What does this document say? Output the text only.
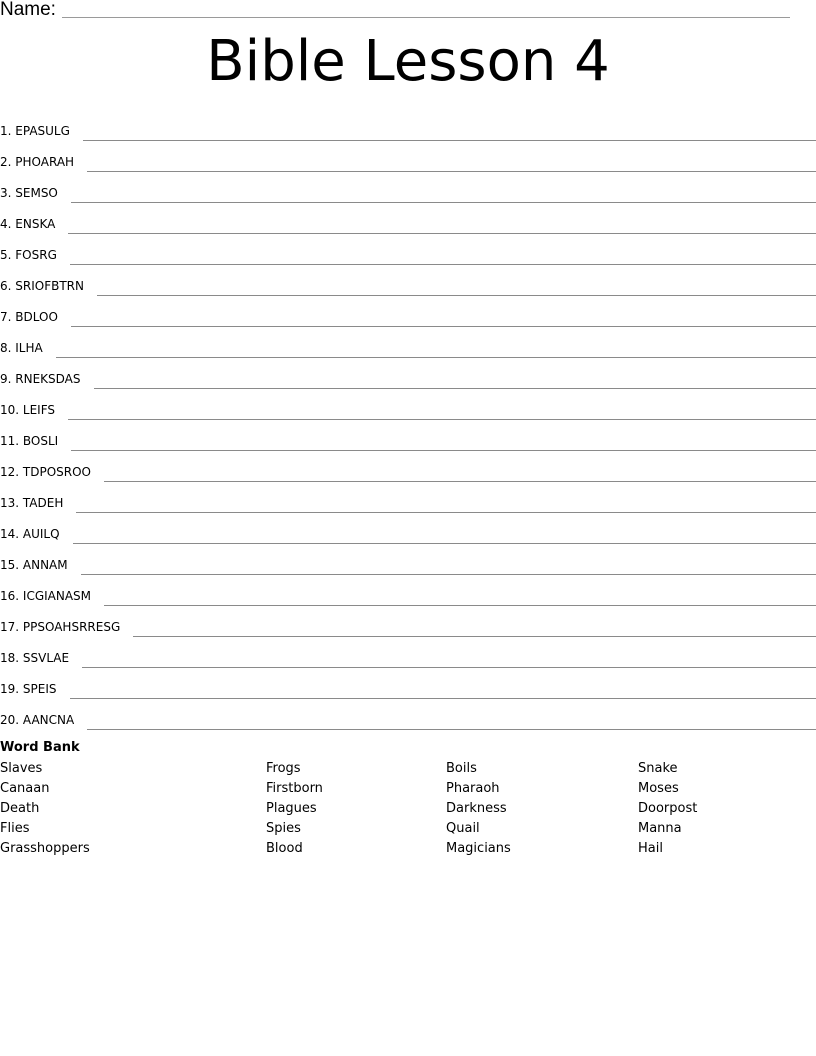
Name:
Bible Lesson 4
1. EPASULG
2. PHOARAH
3. SEMSO
4. ENSKA
5. FOSRG
6. SRIOFBTRN
7. BDLOO
8. ILHA
9. RNEKSDAS
10. LEIFS
11. BOSLI
12. TDPOSROO
13. TADEH
14. AUILQ
15. ANNAM
16. ICGIANASM
17. PPSOAHSRRESG
18. SSVLAE
19. SPEIS
20. AANCNA
Word Bank
Slaves
Canaan
Death
Flies
Grasshoppers
Frogs
Firstborn
Plagues
Spies
Blood
Boils
Pharaoh
Darkness
Quail
Magicians
Snake
Moses
Doorpost
Manna
Hail
